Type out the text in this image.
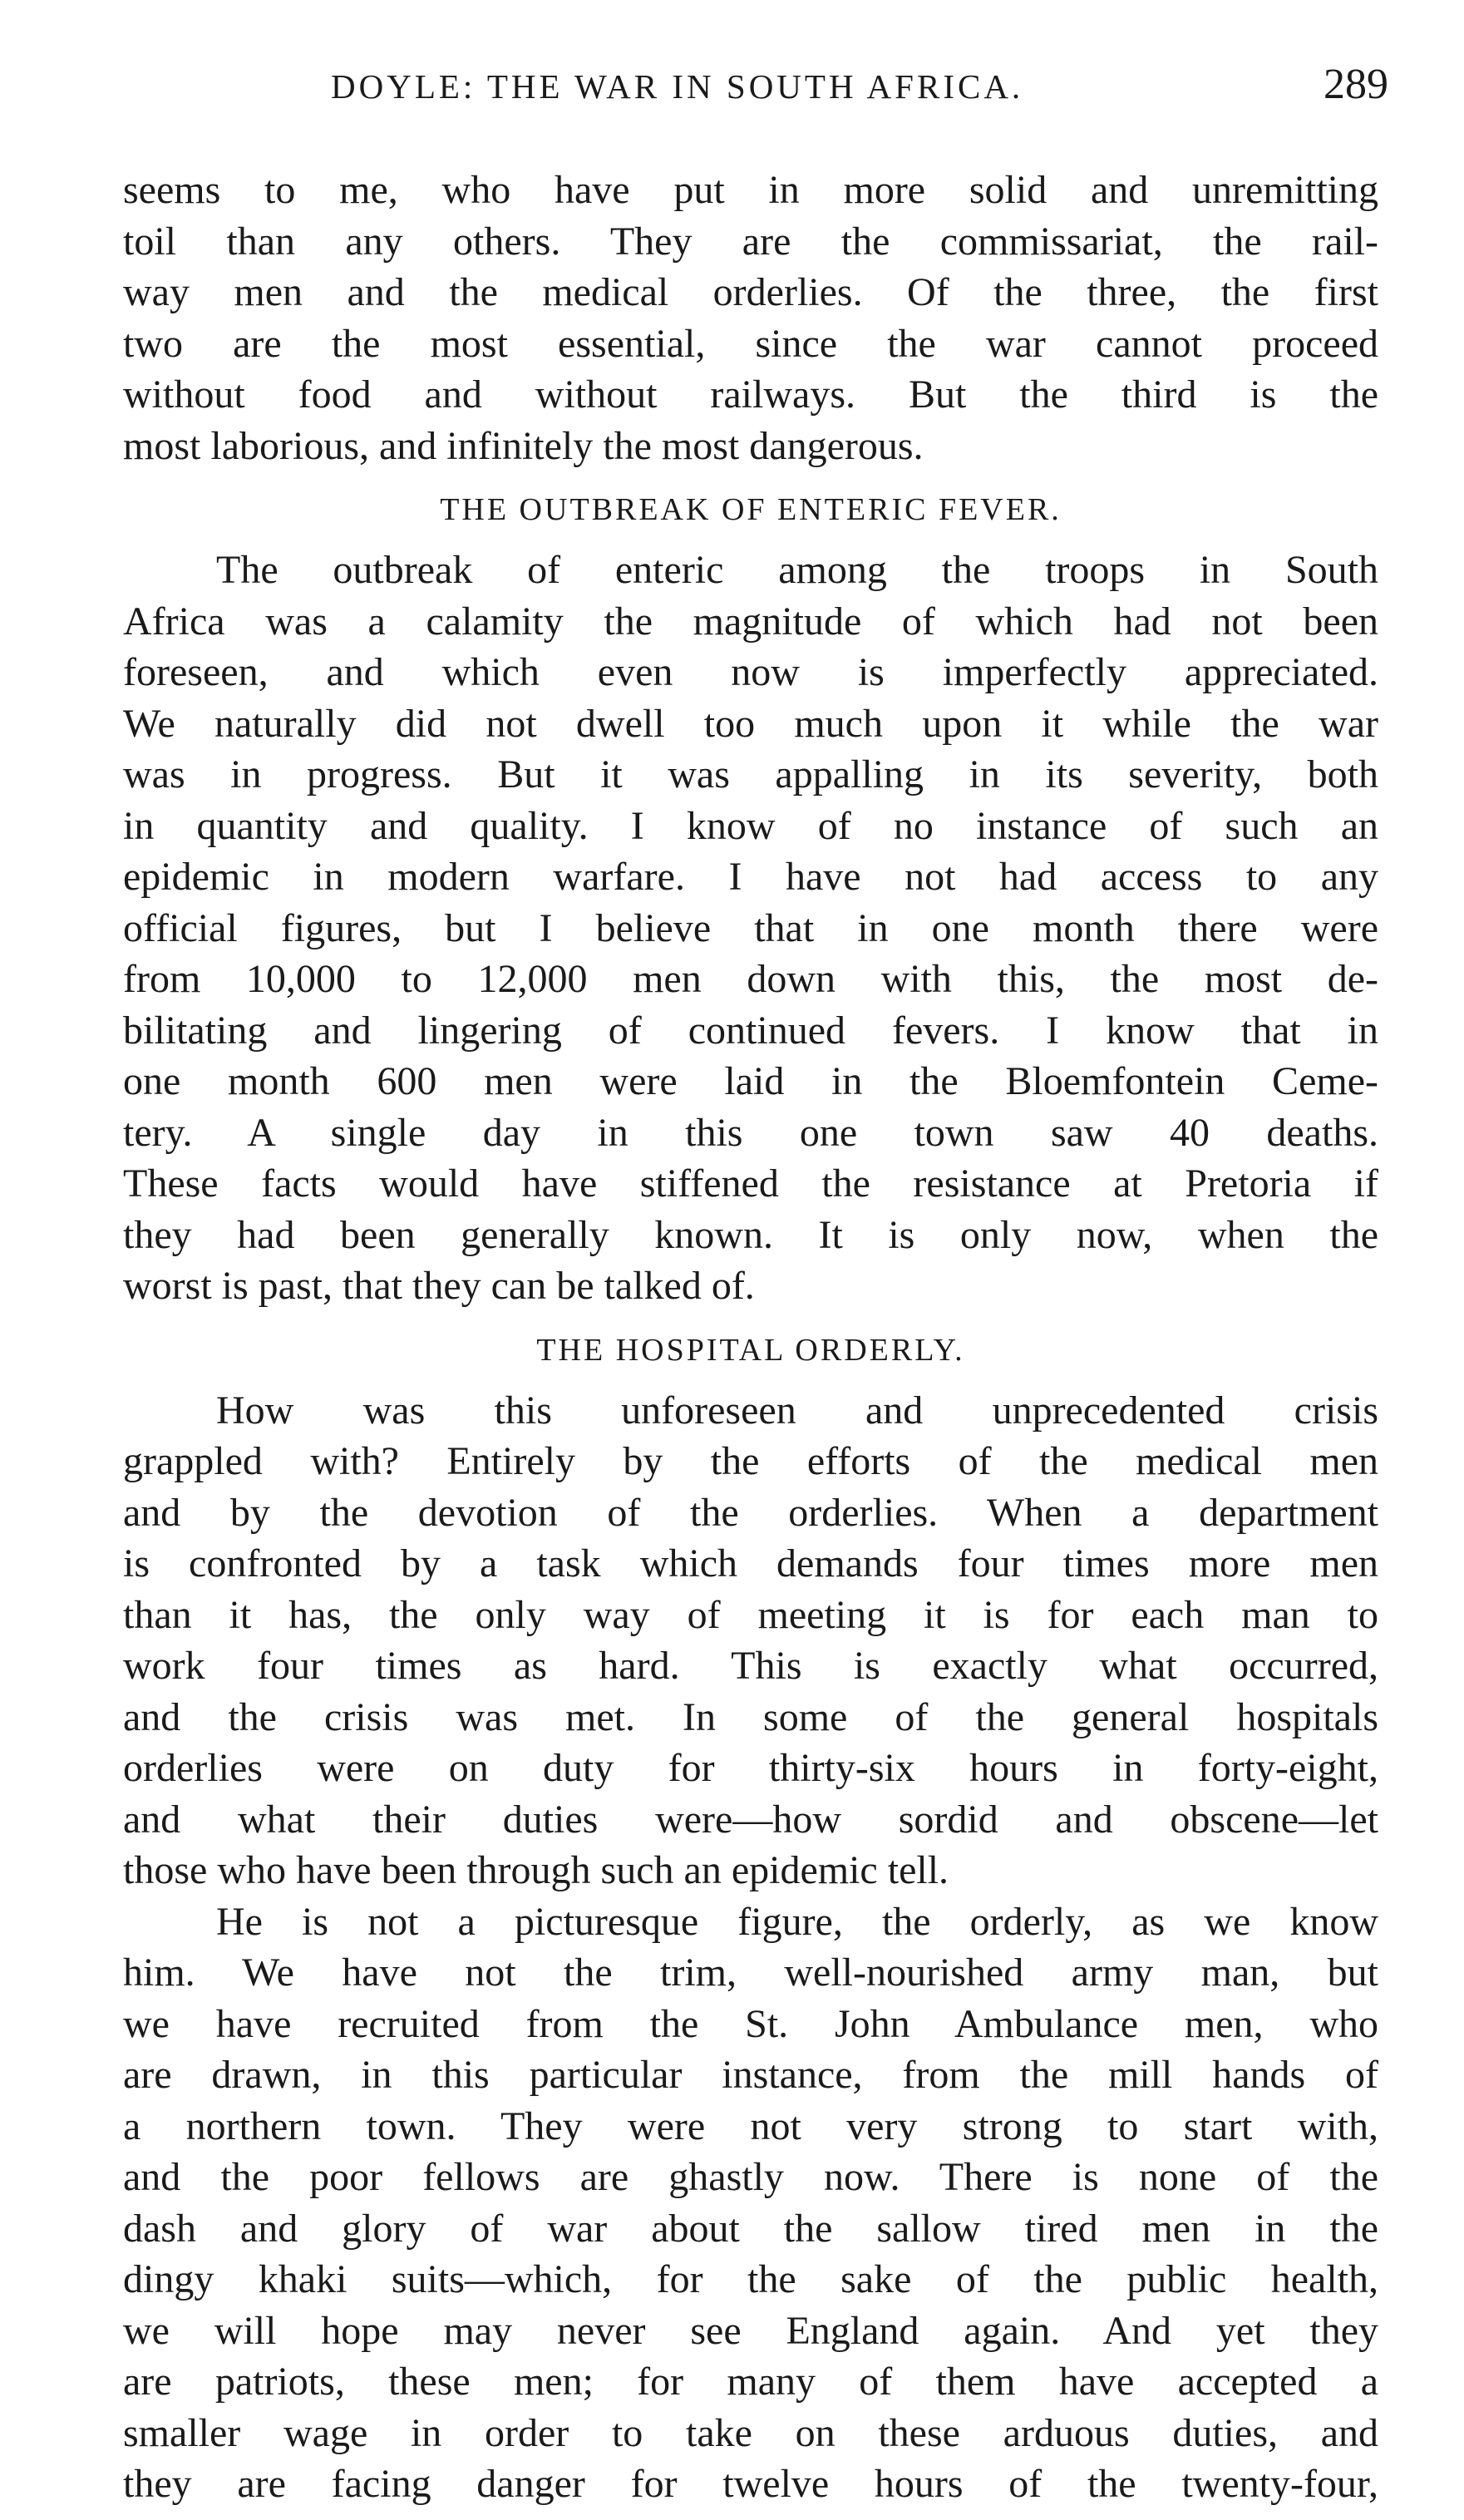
DOYLE: THE WAR IN SOUTH AFRICA.	289
seems to me, who have put in more solid and unremitting
toil than any others. They are the commissariat, the rail-
way men and the medical orderlies. Of the three, the first
two are the most essential, since the war cannot proceed
without food and without railways. But the third is the
most laborious, and infinitely the most dangerous.
THE OUTBREAK OF ENTERIC FEVER.
The outbreak of enteric among the troops in South
Africa was a calamity the magnitude of which had not been
foreseen, and which even now is imperfectly appreciated.
We naturally did not dwell too much upon it while the war
was in progress. But it was appalling in its severity, both
in quantity and quality. I know of no instance of such an
epidemic in modern warfare. I have not had access to any
official figures, but I believe that in one month there were
from 10,000 to 12,000 men down with this, the most de-
bilitating and lingering of continued fevers. I know that in
one month 600 men were laid in the Bloemfontein Ceme-
tery. A single day in this one town saw 40 deaths.
These facts would have stiffened the resistance at Pretoria if
they had been generally known. It is only now, when the
worst is past, that they can be talked of.
THE HOSPITAL ORDERLY.
How was this unforeseen and unprecedented crisis
grappled with? Entirely by the efforts of the medical men
and by the devotion of the orderlies. When a department
is confronted by a task which demands four times more men
than it has, the only way of meeting it is for each man to
work four times as hard. This is exactly what occurred,
and the crisis was met. In some of the general hospitals
orderlies were on duty for thirty-six hours in forty-eight,
and what their duties were—how sordid and obscene—let
those who have been through such an epidemic tell.
He is not a picturesque figure, the orderly, as we know
him. We have not the trim, well-nourished army man, but
we have recruited from the St. John Ambulance men, who
are drawn, in this particular instance, from the mill hands of
a northern town. They were not very strong to start with,
and the poor fellows are ghastly now. There is none of the
dash and glory of war about the sallow tired men in the
dingy khaki suits—which, for the sake of the public health,
we will hope may never see England again. And yet they
are patriots, these men; for many of them have accepted a
smaller wage in order to take on these arduous duties, and
they are facing danger for twelve hours of the twenty-four,
